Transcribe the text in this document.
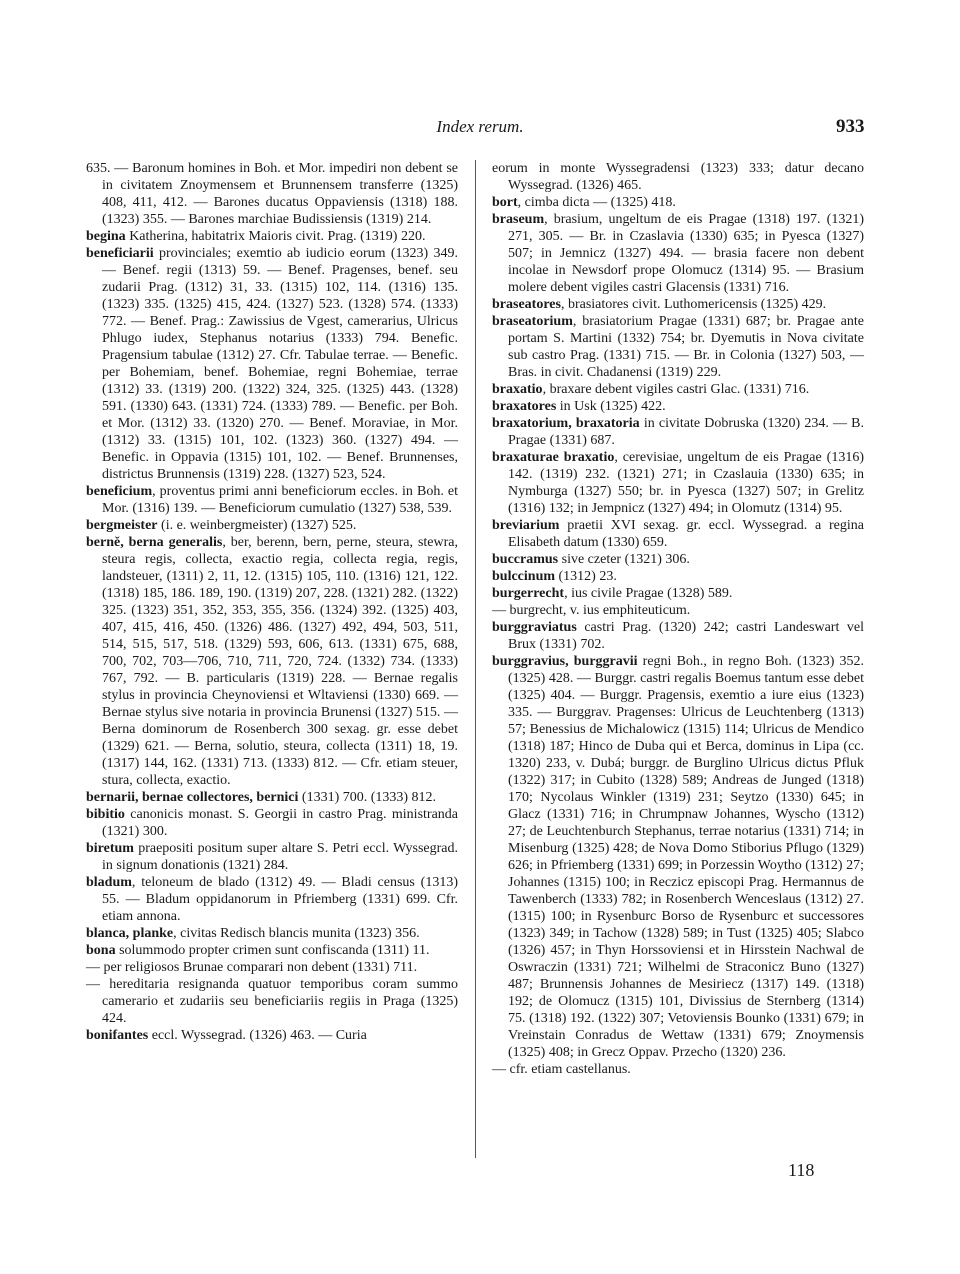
Index rerum.	933

635. — Baronum homines in Boh. et Mor. impediri non debent se in civitatem Znoymensem et Brunnensem transferre (1325) 408, 411, 412. — Barones ducatus Oppaviensis (1318) 188. (1323) 355. — Barones marchiae Budissiensis (1319) 214.

begina Katherina, habitatrix Maioris civit. Prag. (1319) 220.

beneficiarii provinciales; exemtio ab iudicio eorum (1323) 349. — Benef. regii (1313) 59. — Benef. Pragenses, benef. seu zudarii Prag. (1312) 31, 33. (1315) 102, 114. (1316) 135. (1323) 335. (1325) 415, 424. (1327) 523. (1328) 574. (1333) 772. — Benef. Prag.: Zawissius de Vgest, camerarius, Ulricus Phlugo iudex, Stephanus notarius (1333) 794. Benefic. Pragensium tabulae (1312) 27. Cfr. Tabulae terrae. — Benefic. per Bohemiam, benef. Bohemiae, regni Bohemiae, terrae (1312) 33. (1319) 200. (1322) 324, 325. (1325) 443. (1328) 591. (1330) 643. (1331) 724. (1333) 789. — Benefic. per Boh. et Mor. (1312) 33. (1320) 270. — Benef. Moraviae, in Mor. (1312) 33. (1315) 101, 102. (1323) 360. (1327) 494. — Benefic. in Oppavia (1315) 101, 102. — Benef. Brunnenses, districtus Brunnensis (1319) 228. (1327) 523, 524.

beneficium, proventus primi anni beneficiorum eccles. in Boh. et Mor. (1316) 139. — Beneficiorum cumulatio (1327) 538, 539.

bergmeister (i. e. weinbergmeister) (1327) 525.

berně, berna generalis, ber, berenn, bern, perne, steura, stewra, steura regis, collecta, exactio regia, collecta regia, regis, landsteuer, (1311) 2, 11, 12. (1315) 105, 110. (1316) 121, 122. (1318) 185, 186. 189, 190. (1319) 207, 228. (1321) 282. (1322) 325. (1323) 351, 352, 353, 355, 356. (1324) 392. (1325) 403, 407, 415, 416, 450. (1326) 486. (1327) 492, 494, 503, 511, 514, 515, 517, 518. (1329) 593, 606, 613. (1331) 675, 688, 700, 702, 703—706, 710, 711, 720, 724. (1332) 734. (1333) 767, 792. — B. particularis (1319) 228. — Bernae regalis stylus in provincia Cheynoviensi et Wltaviensi (1330) 669. — Bernae stylus sive notaria in provincia Brunensi (1327) 515. — Berna dominorum de Rosenberch 300 sexag. gr. esse debet (1329) 621. — Berna, solutio, steura, collecta (1311) 18, 19. (1317) 144, 162. (1331) 713. (1333) 812. — Cfr. etiam steuer, stura, collecta, exactio.

bernarii, bernae collectores, bernici (1331) 700. (1333) 812.

bibitio canonicis monast. S. Georgii in castro Prag. ministranda (1321) 300.

biretum praepositi positum super altare S. Petri eccl. Wyssegrad. in signum donationis (1321) 284.

bladum, teloneum de blado (1312) 49. — Bladi census (1313) 55. — Bladum oppidanorum in Pfriemberg (1331) 699. Cfr. etiam annona.

blanca, planke, civitas Redisch blancis munita (1323) 356.

bona solummodo propter crimen sunt confiscanda (1311) 11.

— per religiosos Brunae comparari non debent (1331) 711.

— hereditaria resignanda quatuor temporibus coram summo camerario et zudariis seu beneficiariis regiis in Praga (1325) 424.

bonifantes eccl. Wyssegrad. (1326) 463. — Curia

eorum in monte Wyssegradensi (1323) 333; datur decano Wyssegrad. (1326) 465.

bort, cimba dicta — (1325) 418.

braseum, brasium, ungeltum de eis Pragae (1318) 197. (1321) 271, 305. — Br. in Czaslavia (1330) 635; in Pyesca (1327) 507; in Jemnicz (1327) 494. — brasia facere non debent incolae in Newsdorf prope Olomucz (1314) 95. — Brasium molere debent vigiles castri Glacensis (1331) 716.

braseatores, brasiatores civit. Luthomericensis (1325) 429.

braseatorium, brasiatorium Pragae (1331) 687; br. Pragae ante portam S. Martini (1332) 754; br. Dyemutis in Nova civitate sub castro Prag. (1331) 715. — Br. in Colonia (1327) 503, — Bras. in civit. Chadanensi (1319) 229.

braxatio, braxare debent vigiles castri Glac. (1331) 716.

braxatores in Usk (1325) 422.

braxatorium, braxatoria in civitate Dobruska (1320) 234. — B. Pragae (1331) 687.

braxaturae braxatio, cerevisiae, ungeltum de eis Pragae (1316) 142. (1319) 232. (1321) 271; in Czaslauia (1330) 635; in Nymburga (1327) 550; br. in Pyesca (1327) 507; in Grelitz (1316) 132; in Jempnicz (1327) 494; in Olomutz (1314) 95.

breviarium praetii XVI sexag. gr. eccl. Wyssegrad. a regina Elisabeth datum (1330) 659.

buccramus sive czeter (1321) 306.

bulccinum (1312) 23.

burgerrecht, ius civile Pragae (1328) 589.

— burgrecht, v. ius emphiteuticum.

burggraviatus castri Prag. (1320) 242; castri Landeswart vel Brux (1331) 702.

burggravius, burggravii regni Boh., in regno Boh. (1323) 352. (1325) 428. — Burggr. castri regalis Boemus tantum esse debet (1325) 404. — Burggr. Pragensis, exemtio a iure eius (1323) 335. — Burggrav. Pragenses: Ulricus de Leuchtenberg (1313) 57; Benessius de Michalowicz (1315) 114; Ulricus de Mendico (1318) 187; Hinco de Duba qui et Berca, dominus in Lipa (cc. 1320) 233, v. Dubá; burggr. de Burglino Ulricus dictus Pfluk (1322) 317; in Cubito (1328) 589; Andreas de Junged (1318) 170; Nycolaus Winkler (1319) 231; Seytzo (1330) 645; in Glacz (1331) 716; in Chrumpnaw Johannes, Wyscho (1312) 27; de Leuchtenburch Stephanus, terrae notarius (1331) 714; in Misenburg (1325) 428; de Nova Domo Stiborius Pflugo (1329) 626; in Pfriemberg (1331) 699; in Porzessin Woytho (1312) 27; Johannes (1315) 100; in Reczicz episcopi Prag. Hermannus de Tawenberch (1333) 782; in Rosenberch Wenceslaus (1312) 27. (1315) 100; in Rysenburc Borso de Rysenburc et successores (1323) 349; in Tachow (1328) 589; in Tust (1325) 405; Slabco (1326) 457; in Thyn Horssoviensi et in Hirsstein Nachwal de Oswraczin (1331) 721; Wilhelmi de Straconicz Buno (1327) 487; Brunnensis Johannes de Mesiriecz (1317) 149. (1318) 192; de Olomucz (1315) 101, Divissius de Sternberg (1314) 75. (1318) 192. (1322) 307; Vetoviensis Bounko (1331) 679; in Vreinstain Conradus de Wettaw (1331) 679; Znoymensis (1325) 408; in Grecz Oppav. Przecho (1320) 236.

— cfr. etiam castellanus.

118
